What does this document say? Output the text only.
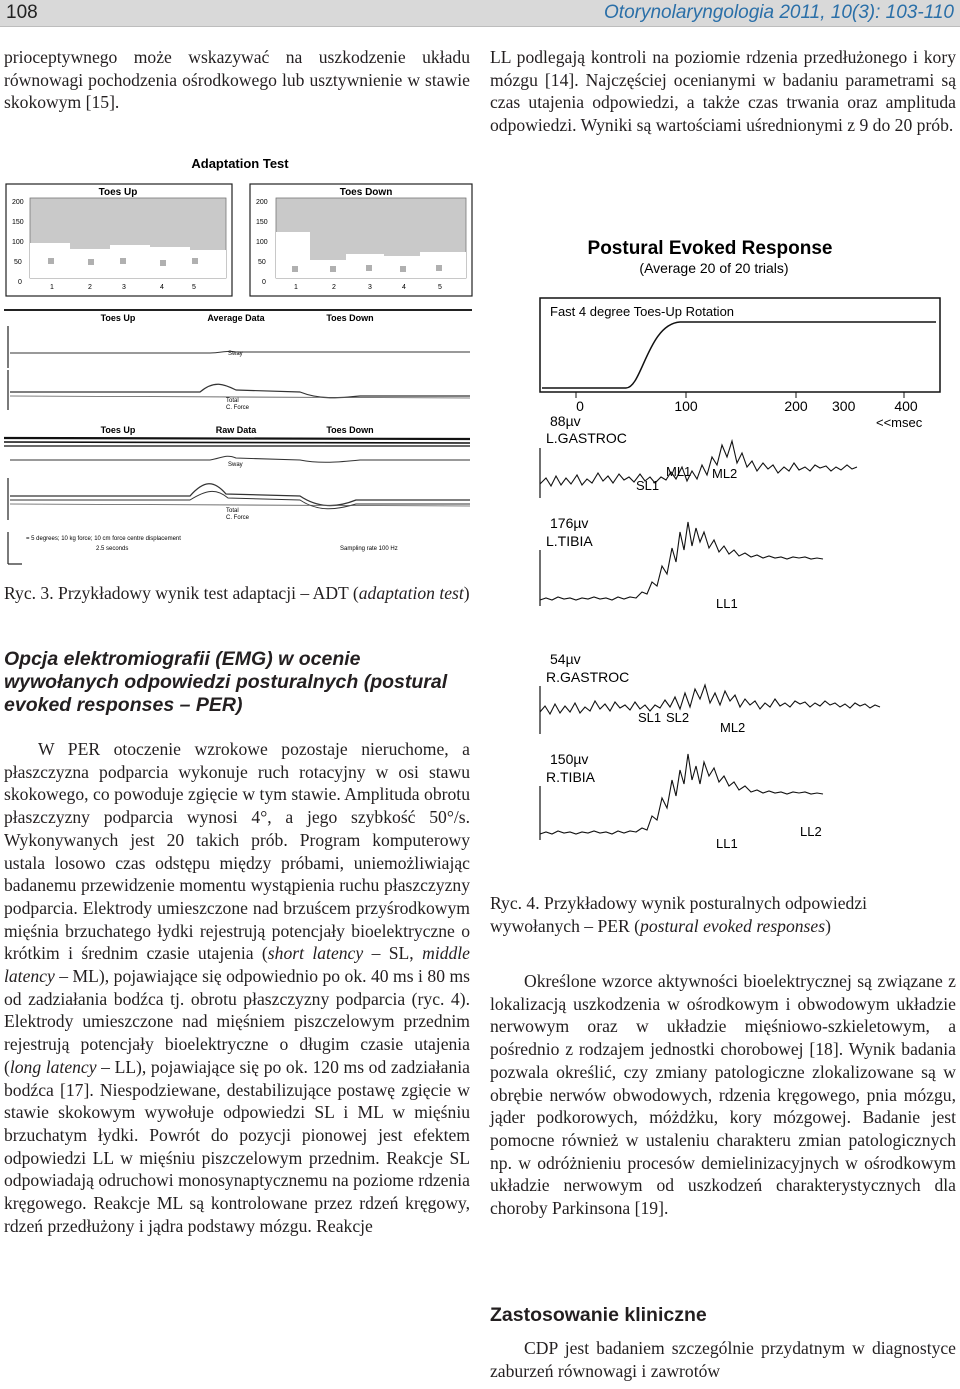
108	Otorynolaryngologia 2011, 10(3): 103-110

prioceptywnego może wskazywać na uszkodzenie układu równowagi pochodzenia ośrodkowego lub usztywnienie w stawie skokowym [15].

LL podlegają kontroli na poziomie rdzenia przedłużonego i kory mózgu [14]. Najczęściej ocenianymi w badaniu parametrami są czas utajenia odpowiedzi, a także czas trwania oraz amplituda odpowiedzi. Wyniki są wartościami uśrednionymi z 9 do 20 prób.

Adaptation Test
Toes Up
200
150
100
50
0
1	2	3	4	5
Toes Down
200
150
100
50
0
1	2	3	4	5
Toes Up	Average Data	Toes Down
Sway
Total
C. Force
Toes Up	Raw Data	Toes Down
Sway
Total
C. Force
= 5 degrees; 10 kg force; 10 cm force centre displacement
2.5 seconds	Sampling rate 100 Hz

Ryc. 3. Przykładowy wynik test adaptacji – ADT (adaptation test)

Opcja elektromiografii (EMG) w ocenie wywołanych odpowiedzi posturalnych (postural evoked responses – PER)

W PER otoczenie wzrokowe pozostaje nieruchome, a płaszczyzna podparcia wykonuje ruch rotacyjny w osi stawu skokowego, co powoduje zgięcie w tym stawie. Amplituda obrotu płaszczyzny podparcia wynosi 4°, a jego szybkość 50°/s. Wykonywanych jest 20 takich prób. Program komputerowy ustala losowo czas odstępu między próbami, uniemożliwiając badanemu przewidzenie momentu wystąpienia ruchu płaszczyzny podparcia. Elektrody umieszczone nad brzuścem przyśrodkowym mięśnia brzuchatego łydki rejestrują potencjały bioelektryczne o krótkim i średnim czasie utajenia (short latency – SL, middle latency – ML), pojawiające się odpowiednio po ok. 40 ms i 80 ms od zadziałania bodźca tj. obrotu płaszczyzny podparcia (ryc. 4). Elektrody umieszczone nad mięśniem piszczelowym przednim rejestrują potencjały bioelektryczne o długim czasie utajenia (long latency – LL), pojawiające się po ok. 120 ms od zadziałania bodźca [17]. Niespodziewane, destabilizujące postawę zgięcie w stawie skokowym wywołuje odpowiedzi SL i ML w mięśniu brzuchatym łydki. Powrót do pozycji pionowej jest efektem odpowiedzi LL w mięśniu piszczelowym przednim. Reakcje SL odpowiadają odruchowi monosynaptycznemu na poziome rdzenia kręgowego. Reakcje ML są kontrolowane przez rdzeń kręgowy, rdzeń przedłużony i jądra podstawy mózgu. Reakcje

Postural Evoked Response
(Average 20 of 20 trials)
Fast 4 degree Toes-Up Rotation
0	100	200 300	400
<<msec
88µv
L.GASTROC
SL1
ML1 ML2
176µv
L.TIBIA
LL1
54µv
R.GASTROC
SL1 SL2
ML2
150µv
R.TIBIA
LL1
LL2

Ryc. 4. Przykładowy wynik posturalnych odpowiedzi wywołanych – PER (postural evoked responses)

Określone wzorce aktywności bioelektrycznej są związane z lokalizacją uszkodzenia w ośrodkowym i obwodowym układzie nerwowym oraz w układzie mięśniowo-szkieletowym, a pośrednio z rodzajem jednostki chorobowej [18]. Wynik badania pozwala określić, czy zmiany patologiczne zlokalizowane są w obrębie nerwów obwodowych, rdzenia kręgowego, pnia mózgu, jąder podkorowych, móżdżku, kory mózgowej. Badanie jest pomocne również w ustaleniu charakteru zmian patologicznych np. w odróżnieniu procesów demielinizacyjnych w ośrodkowym układzie nerwowym od uszkodzeń charakterystycznych dla choroby Parkinsona [19].

Zastosowanie kliniczne

CDP jest badaniem szczególnie przydatnym w diagnostyce zaburzeń równowagi i zawrotów
